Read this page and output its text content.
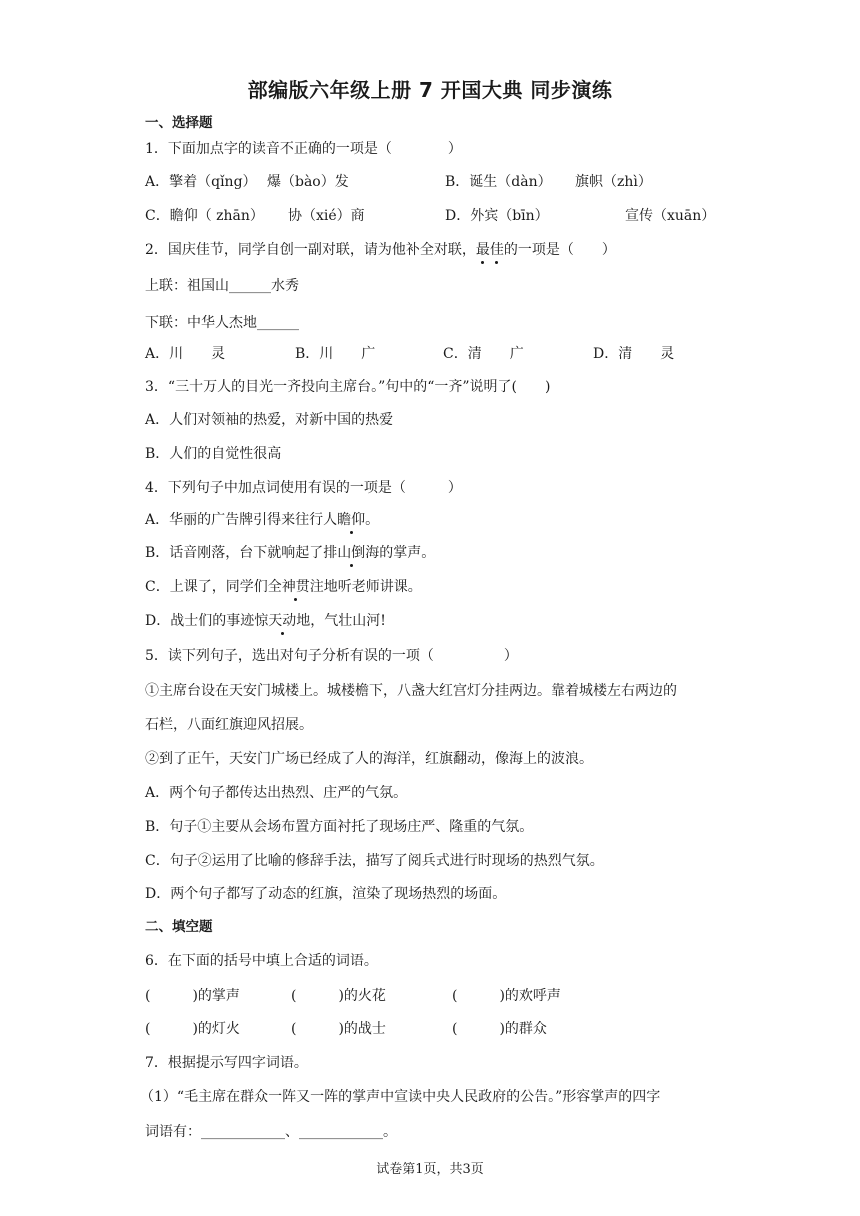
部编版六年级上册 7 开国大典 同步演练
一、选择题
1．下面加点字的读音不正确的一项是（　　　　）
A．擎着（qǐng） 爆（bào）发	B．诞生（dàn） 旗帜（zhì）
C．瞻仰（ zhān） 协（xié）商	D．外宾（bīn）	宣传（xuān）
2．国庆佳节，同学自创一副对联，请为他补全对联，最佳的一项是（　　）
上联：祖国山______水秀
下联：中华人杰地______
A．川　　灵	B．川　　广	C．清　　广	D．清　　灵
3．“三十万人的目光一齐投向主席台。”句中的“一齐”说明了(　　)
A．人们对领袖的热爱，对新中国的热爱
B．人们的自觉性很高
4．下列句子中加点词使用有误的一项是（　　　）
A．华丽的广告牌引得来往行人瞻仰。
B．话音刚落，台下就响起了排山倒海的掌声。
C．上课了，同学们全神贯注地听老师讲课。
D．战士们的事迹惊天动地，气壮山河!
5．读下列句子，选出对句子分析有误的一项（　　　　　）
①主席台设在天安门城楼上。城楼檐下，八盏大红宫灯分挂两边。靠着城楼左右两边的
石栏，八面红旗迎风招展。
②到了正午，天安门广场已经成了人的海洋，红旗翻动，像海上的波浪。
A．两个句子都传达出热烈、庄严的气氛。
B．句子①主要从会场布置方面衬托了现场庄严、隆重的气氛。
C．句子②运用了比喻的修辞手法，描写了阅兵式进行时现场的热烈气氛。
D．两个句子都写了动态的红旗，渲染了现场热烈的场面。
二、填空题
6．在下面的括号中填上合适的词语。
(　　　)的掌声	(　　　)的火花	(　　　)的欢呼声
(　　　)的灯火	(　　　)的战士	(　　　)的群众
7．根据提示写四字词语。
（1）“毛主席在群众一阵又一阵的掌声中宣读中央人民政府的公告。”形容掌声的四字
词语有：____________、____________。
试卷第1页，共3页
